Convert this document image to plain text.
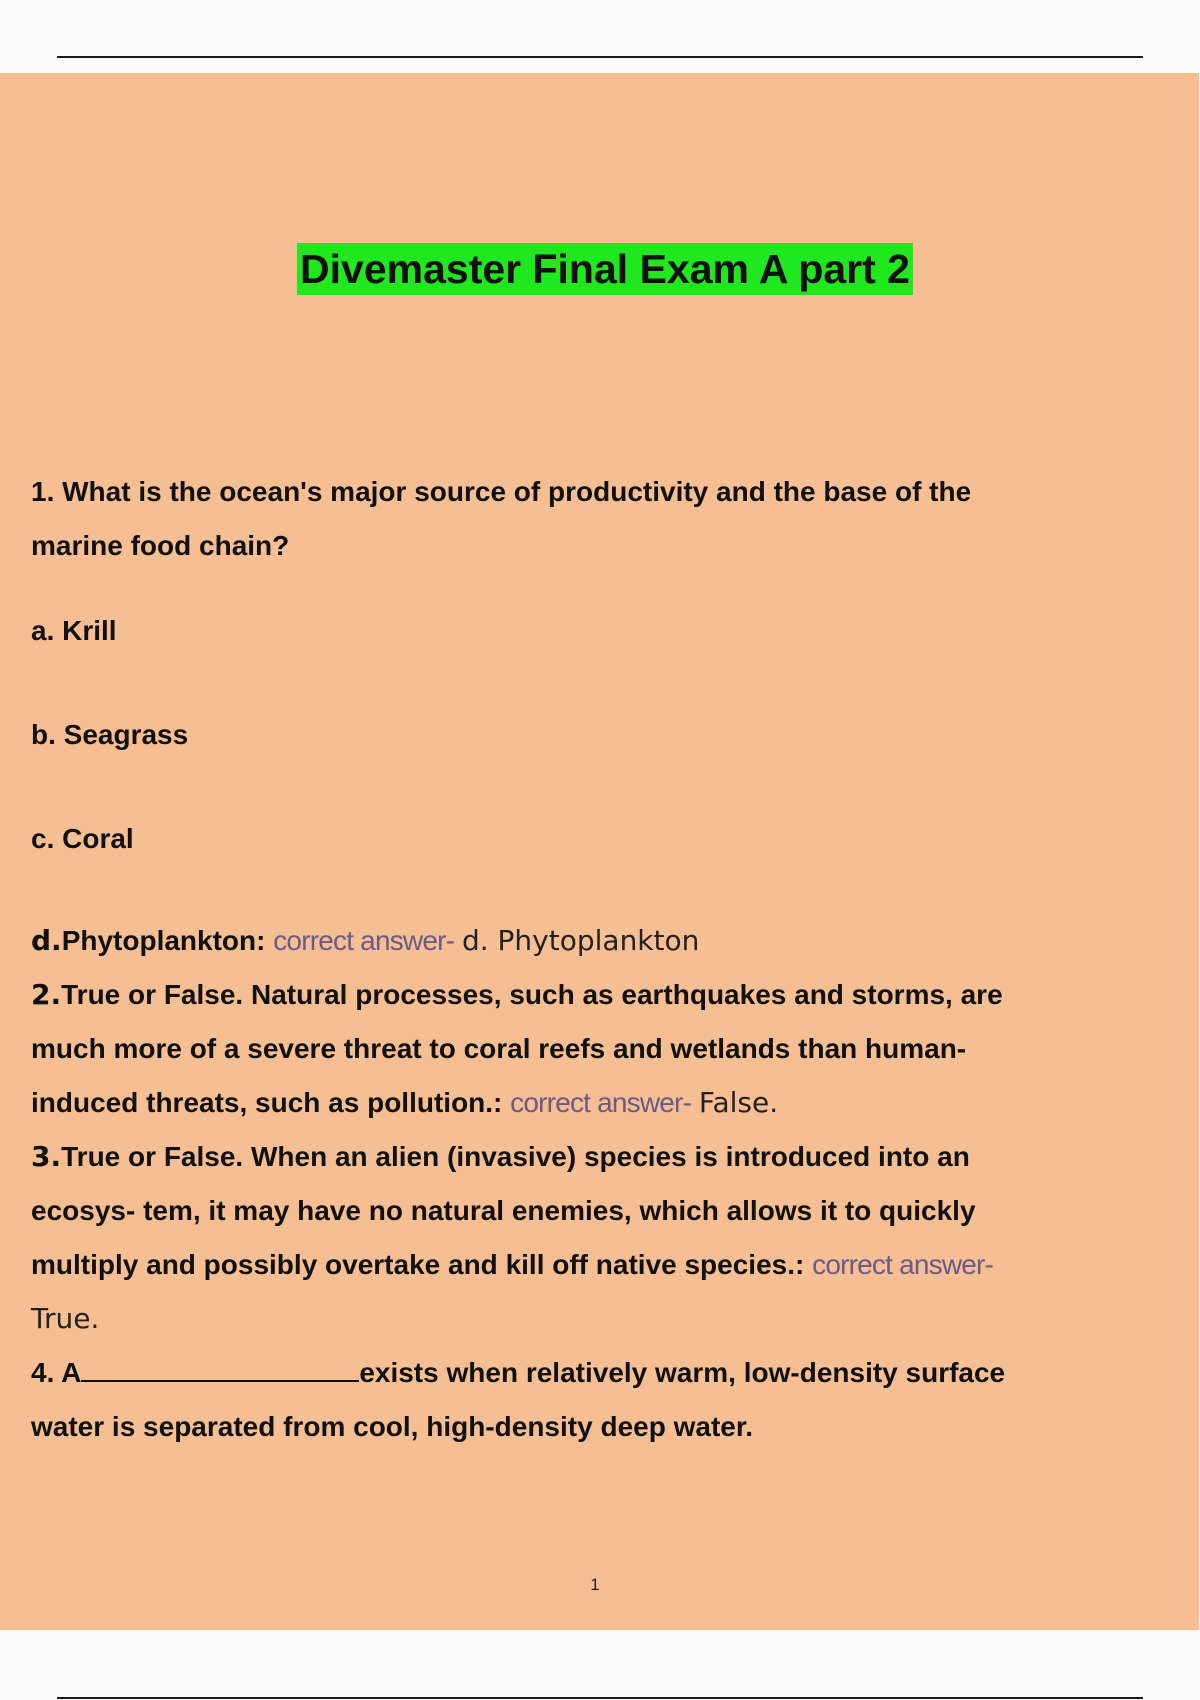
Divemaster Final Exam A part 2
1. What is the ocean's major source of productivity and the base of the
marine food chain?
a. Krill
b. Seagrass
c. Coral
d.Phytoplankton: correct answer- d. Phytoplankton
2.True or False. Natural processes, such as earthquakes and storms, are
much more of a severe threat to coral reefs and wetlands than human-
induced threats, such as pollution.: correct answer- False.
3.True or False. When an alien (invasive) species is introduced into an
ecosys- tem, it may have no natural enemies, which allows it to quickly
multiply and possibly overtake and kill off native species.: correct answer-
True.
4. A	exists when relatively warm, low-density surface
water is separated from cool, high-density deep water.
1
